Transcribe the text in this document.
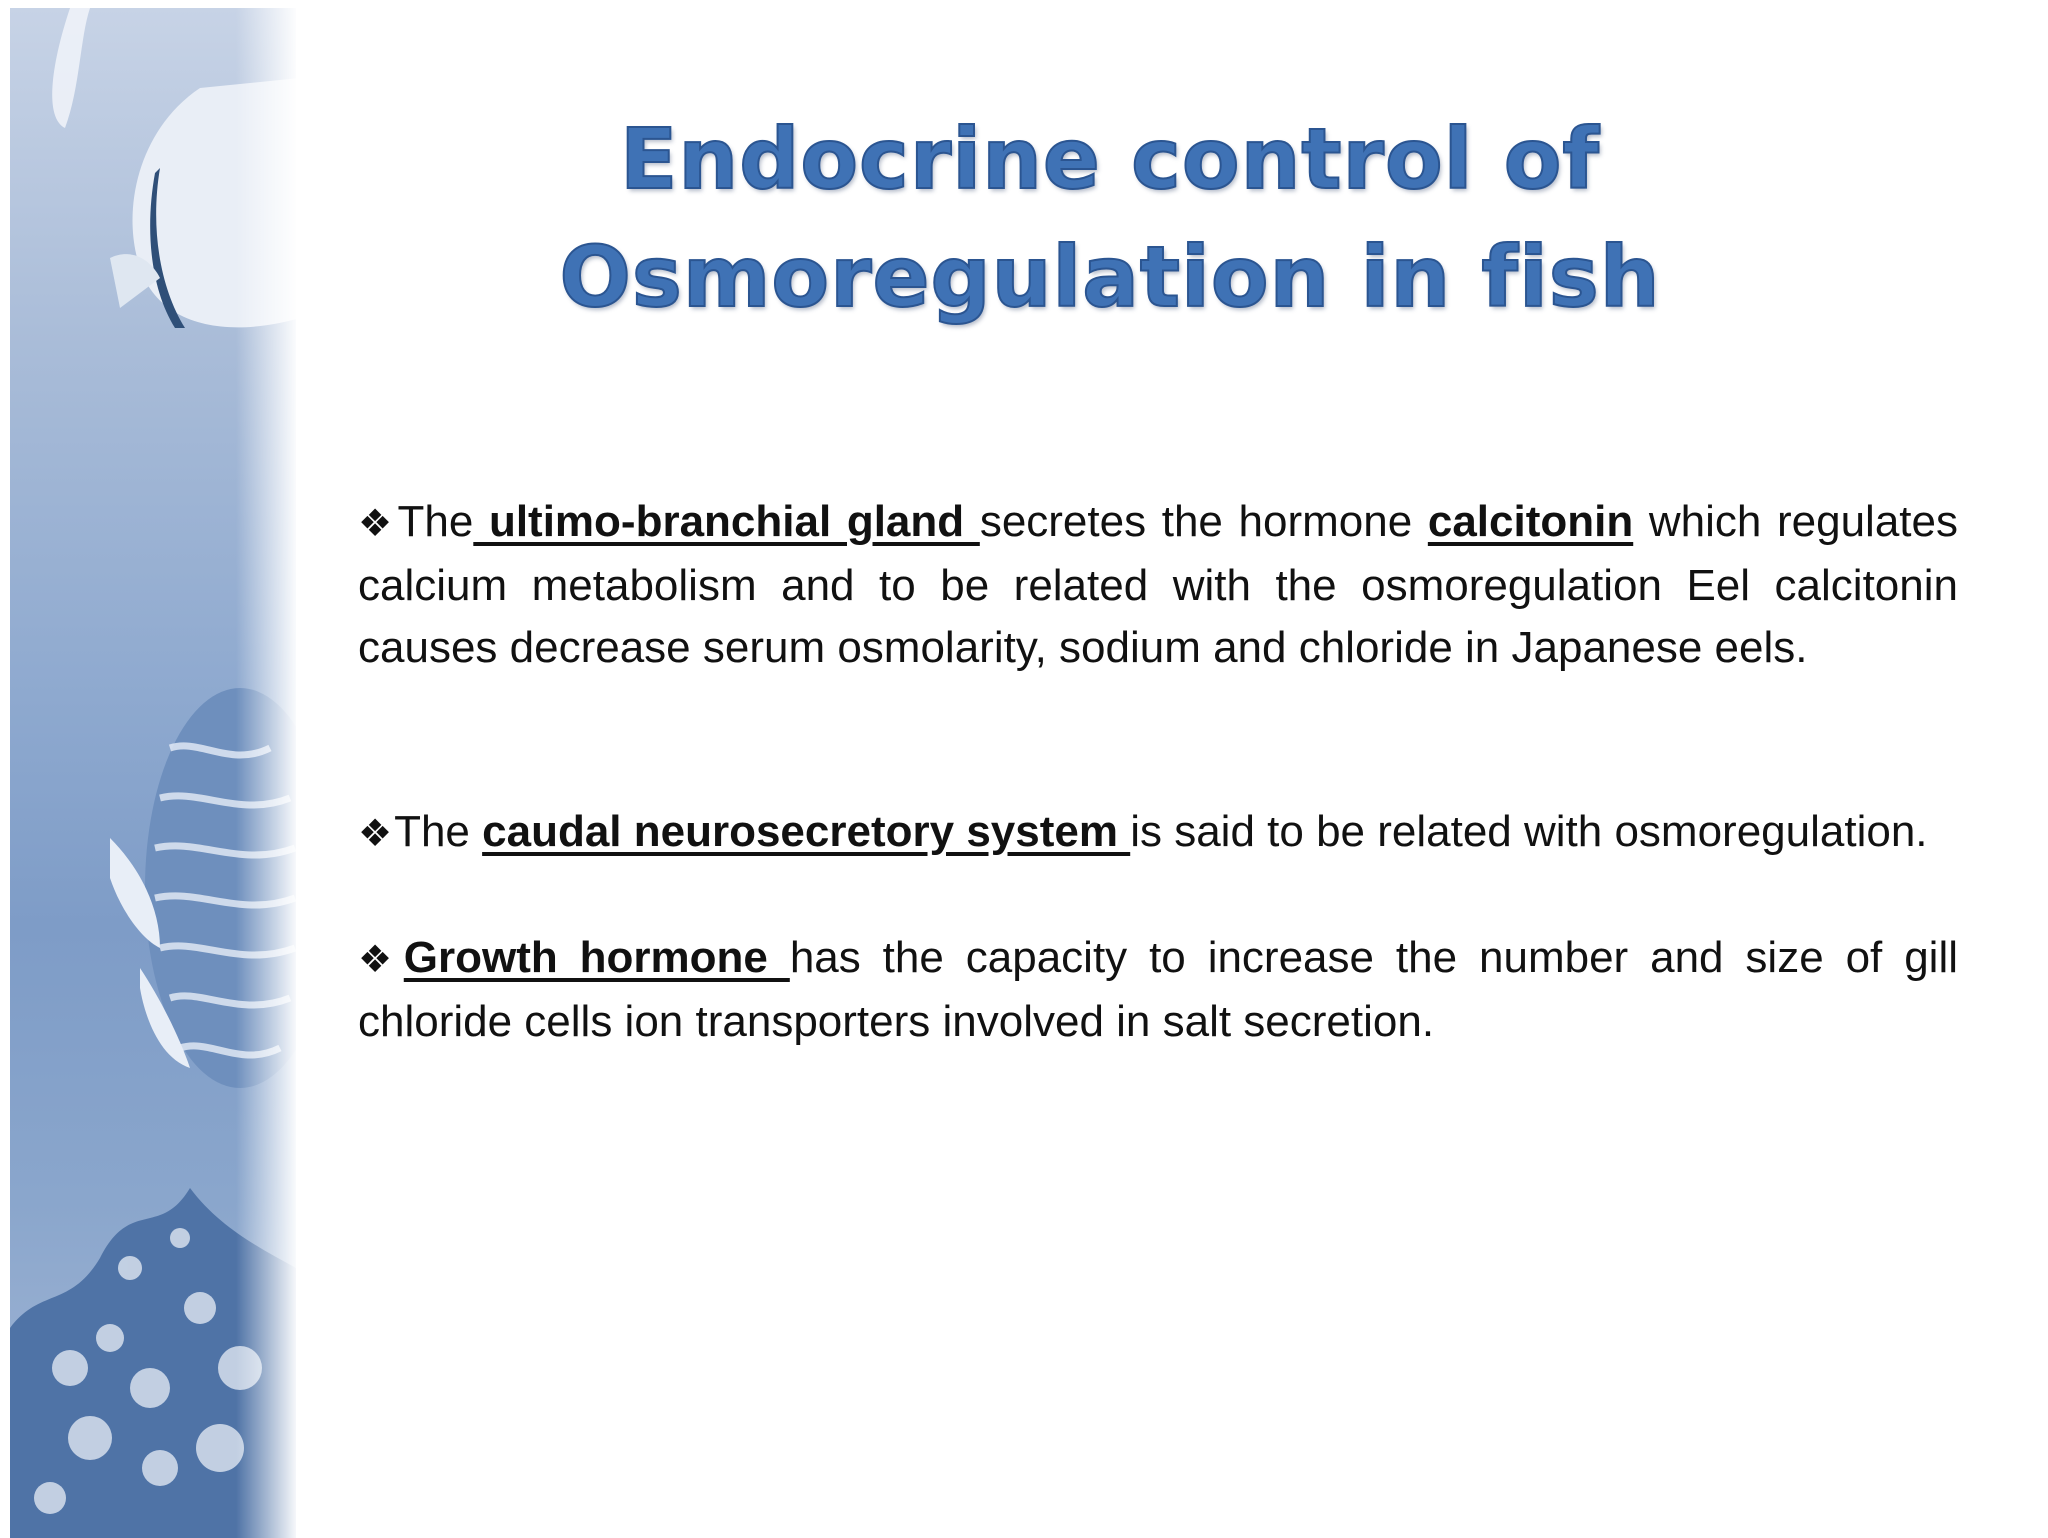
Endocrine control of Osmoregulation in fish

❖The ultimo-branchial gland secretes the hormone calcitonin which regulates calcium metabolism and to be related with the osmoregulation Eel calcitonin causes decrease serum osmolarity, sodium and chloride in Japanese eels.

❖The caudal neurosecretory system is said to be related with osmoregulation.

❖Growth hormone has the capacity to increase the number and size of gill chloride cells ion transporters involved in salt secretion.
